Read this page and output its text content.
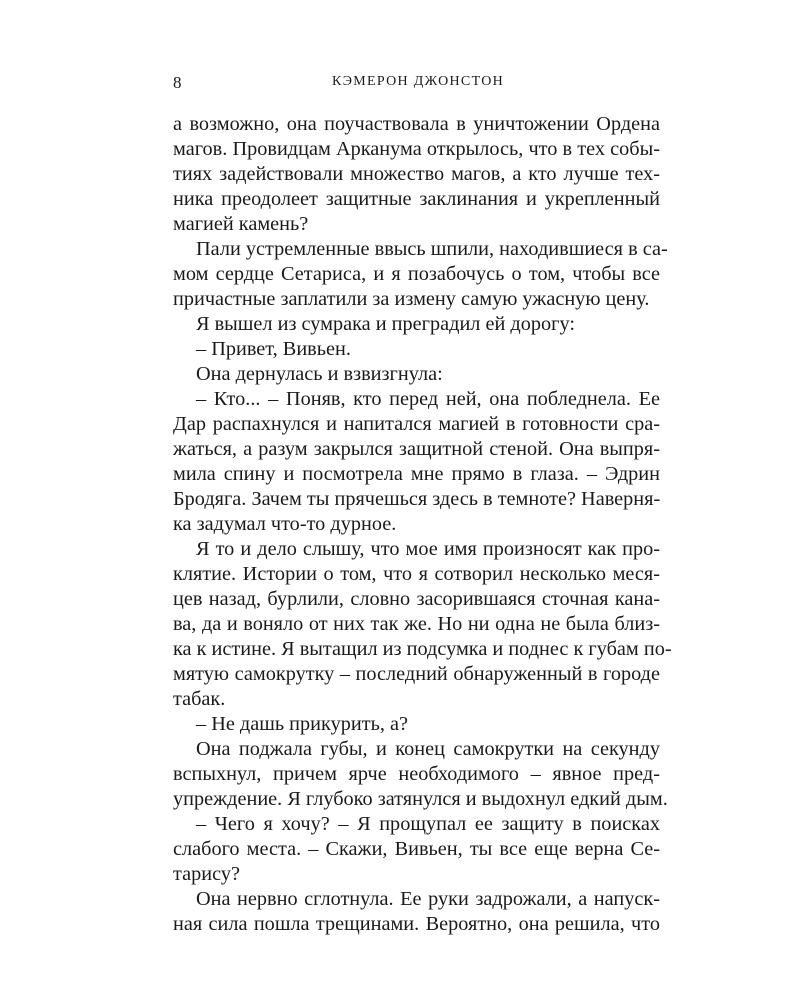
8	КЭМЕРОН ДЖОНСТОН
а возможно, она поучаствовала в уничтожении Ордена
магов. Провидцам Арканума открылось, что в тех собы-
тиях задействовали множество магов, а кто лучше тех-
ника преодолеет защитные заклинания и укрепленный
магией камень?
Пали устремленные ввысь шпили, находившиеся в са-
мом сердце Сетариса, и я позабочусь о том, чтобы все
причастные заплатили за измену самую ужасную цену.
Я вышел из сумрака и преградил ей дорогу:
– Привет, Вивьен.
Она дернулась и взвизгнула:
– Кто... – Поняв, кто перед ней, она побледнела. Ее
Дар распахнулся и напитался магией в готовности сра-
жаться, а разум закрылся защитной стеной. Она выпря-
мила спину и посмотрела мне прямо в глаза. – Эдрин
Бродяга. Зачем ты прячешься здесь в темноте? Наверня-
ка задумал что-то дурное.
Я то и дело слышу, что мое имя произносят как про-
клятие. Истории о том, что я сотворил несколько меся-
цев назад, бурлили, словно засорившаяся сточная кана-
ва, да и воняло от них так же. Но ни одна не была близ-
ка к истине. Я вытащил из подсумка и поднес к губам по-
мятую самокрутку – последний обнаруженный в городе
табак.
– Не дашь прикурить, а?
Она поджала губы, и конец самокрутки на секунду
вспыхнул, причем ярче необходимого – явное пред-
упреждение. Я глубоко затянулся и выдохнул едкий дым.
– Чего я хочу? – Я прощупал ее защиту в поисках
слабого места. – Скажи, Вивьен, ты все еще верна Се-
тарису?
Она нервно сглотнула. Ее руки задрожали, а напуск-
ная сила пошла трещинами. Вероятно, она решила, что
